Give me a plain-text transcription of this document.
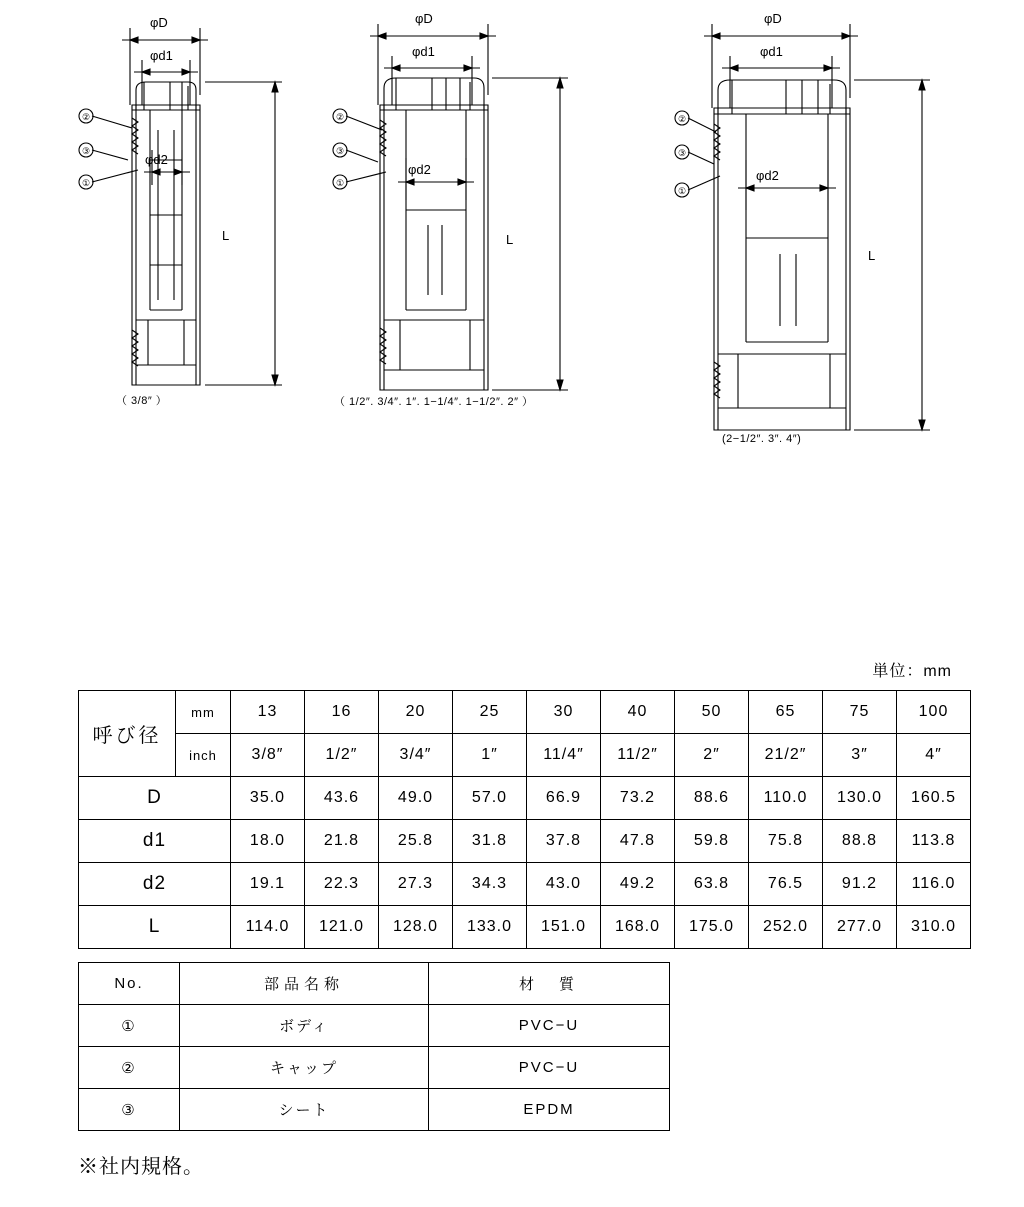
②
③
①
φD
φd1
φd2
L
（ 3/8″ ）
②
③
①
φD
φd1
φd2
L
（ 1/2″. 3/4″. 1″. 1−1/4″. 1−1/2″. 2″ ）
②
③
①
φD
φd1
φd2
L
(2−1/2″. 3″. 4″)
単位：mm
呼び径	mm	13	16	20	25	30	40	50	65	75	100
	inch	3/8″	1/2″	3/4″	1″	11/4″	11/2″	2″	21/2″	3″	4″
D		35.0	43.6	49.0	57.0	66.9	73.2	88.6	110.0	130.0	160.5
d1		18.0	21.8	25.8	31.8	37.8	47.8	59.8	75.8	88.8	113.8
d2		19.1	22.3	27.3	34.3	43.0	49.2	63.8	76.5	91.2	116.0
L		114.0	121.0	128.0	133.0	151.0	168.0	175.0	252.0	277.0	310.0
No.	部品名称	材　質
①	ボディ	PVC−U
②	キャップ	PVC−U
③	シート	EPDM
※社内規格。
